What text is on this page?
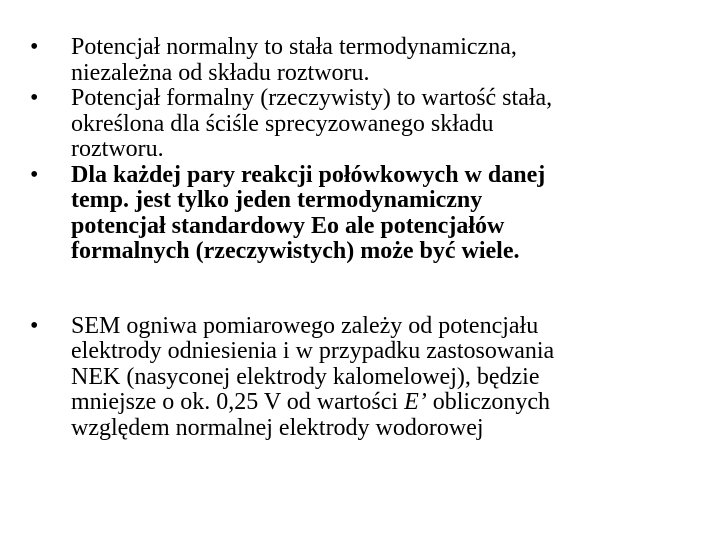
•	Potencjał normalny to stała termodynamiczna,
niezależna od składu roztworu.
•	Potencjał formalny (rzeczywisty) to wartość stała,
określona dla ściśle sprecyzowanego składu
roztworu.
•	Dla każdej pary reakcji połówkowych w danej
temp. jest tylko jeden termodynamiczny
potencjał standardowy Eo ale potencjałów
formalnych (rzeczywistych) może być wiele.
•	SEM ogniwa pomiarowego zależy od potencjału
elektrody odniesienia i w przypadku zastosowania
NEK (nasyconej elektrody kalomelowej), będzie
mniejsze o ok. 0,25 V od wartości E’ obliczonych
względem normalnej elektrody wodorowej
